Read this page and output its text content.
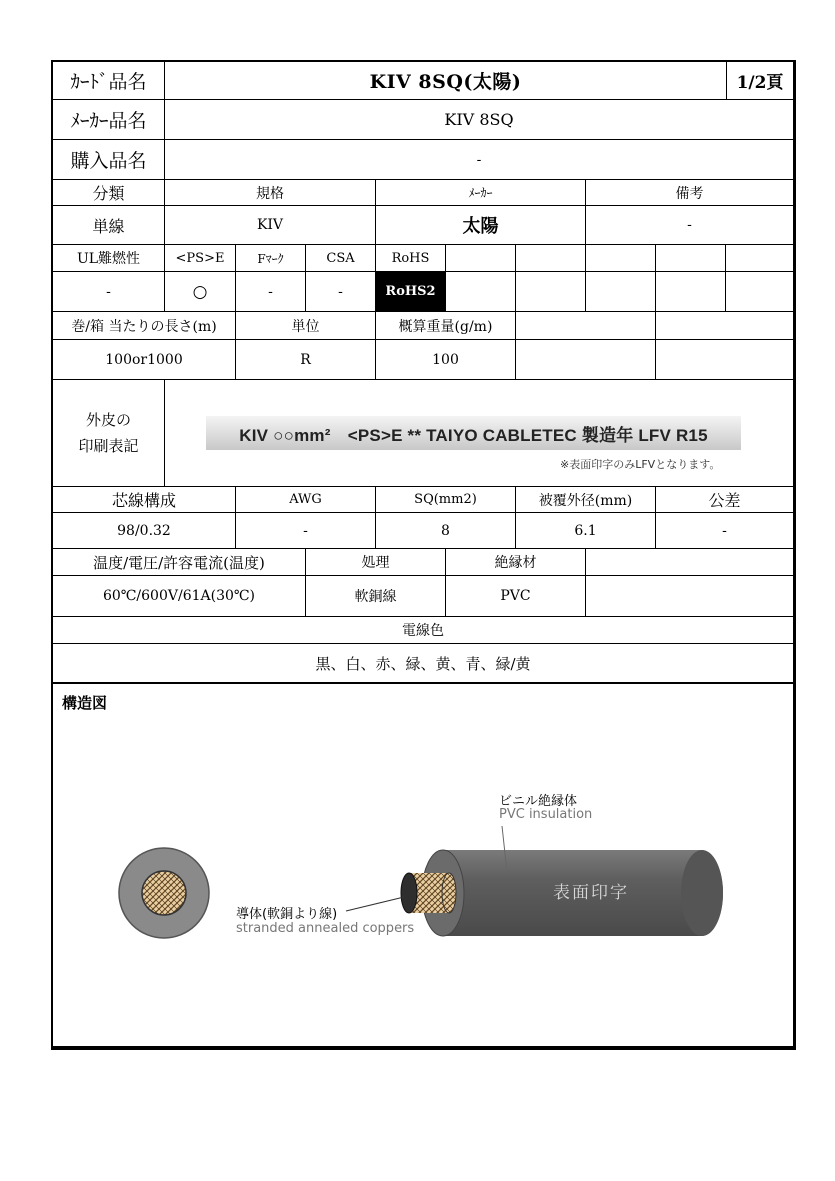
ｶｰﾄﾞ品名	KIV 8SQ(太陽)	1/2頁
ﾒｰｶｰ品名	KIV 8SQ
購入品名	-
分類	規格	ﾒｰｶｰ	備考
単線	KIV	太陽	-
UL難燃性	<PS>E	Fﾏｰｸ	CSA	RoHS
-	○	-	-	RoHS2
巻/箱 当たりの長さ(m)	単位	概算重量(g/m)
100or1000	R	100
外皮の
印刷表記
KIV ○○mm²　<PS>E ** TAIYO CABLETEC 製造年 LFV R15
※表面印字のみLFVとなります。
芯線構成	AWG	SQ(mm2)	被覆外径(mm)	公差
98/0.32	-	8	6.1	-
温度/電圧/許容電流(温度)	処理	絶縁材
60℃/600V/61A(30℃)	軟銅線	PVC
電線色
黒、白、赤、緑、黄、青、緑/黄
構造図
表面印字
ビニル絶縁体
PVC insulation
導体(軟銅より線)
stranded annealed coppers
